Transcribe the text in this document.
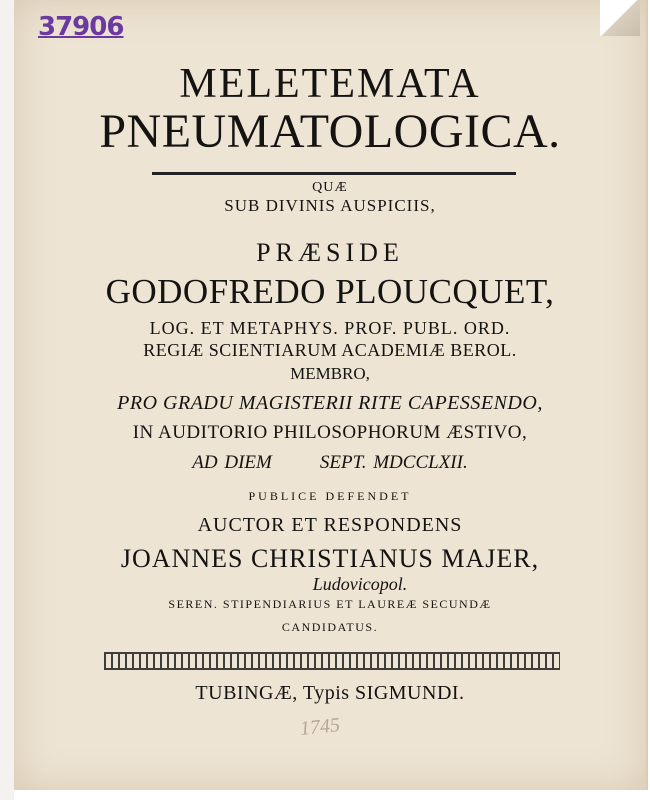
37906
MELETEMATA
PNEUMATOLOGICA.
QUÆ
SUB DIVINIS AUSPICIIS,
PRÆSIDE
GODOFREDO PLOUCQUET,
LOG. ET METAPHYS. PROF. PUBL. ORD.
REGIÆ SCIENTIARUM ACADEMIÆ BEROL.
MEMBRO,
PRO GRADU MAGISTERII RITE CAPESSENDO,
IN AUDITORIO PHILOSOPHORUM ÆSTIVO,
AD DIEM	SEPT. MDCCLXII.
PUBLICE DEFENDET
AUCTOR ET RESPONDENS
JOANNES CHRISTIANUS MAJER,
Ludovicopol.
SEREN. STIPENDIARIUS ET LAUREÆ SECUNDÆ
CANDIDATUS.
TUBINGÆ, Typis SIGMUNDI.
1745
